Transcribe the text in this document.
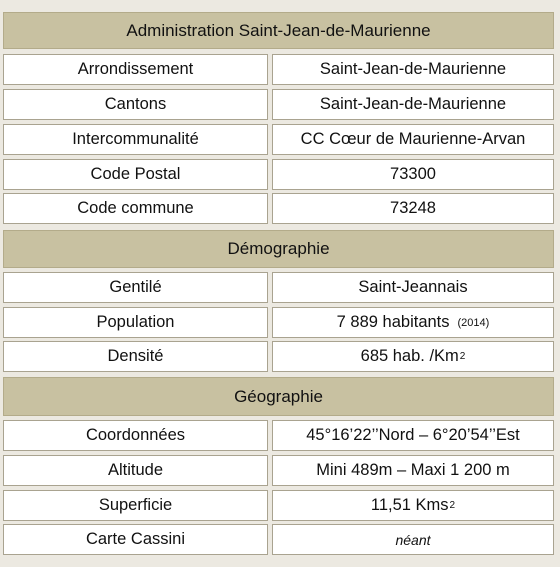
Administration Saint-Jean-de-Maurienne
Arrondissement	Saint-Jean-de-Maurienne
Cantons	Saint-Jean-de-Maurienne
Intercommunalité	CC Cœur de Maurienne-Arvan
Code Postal	73300
Code commune	73248
Démographie
Gentilé	Saint-Jeannais
Population	7 889 habitants (2014)
Densité	685 hab. /Km 2
Géographie
Coordonnées	45°16’22’’Nord – 6°20’54’’Est
Altitude	Mini 489m – Maxi 1 200 m
Superficie	11,51 Kms 2
Carte Cassini	néant
